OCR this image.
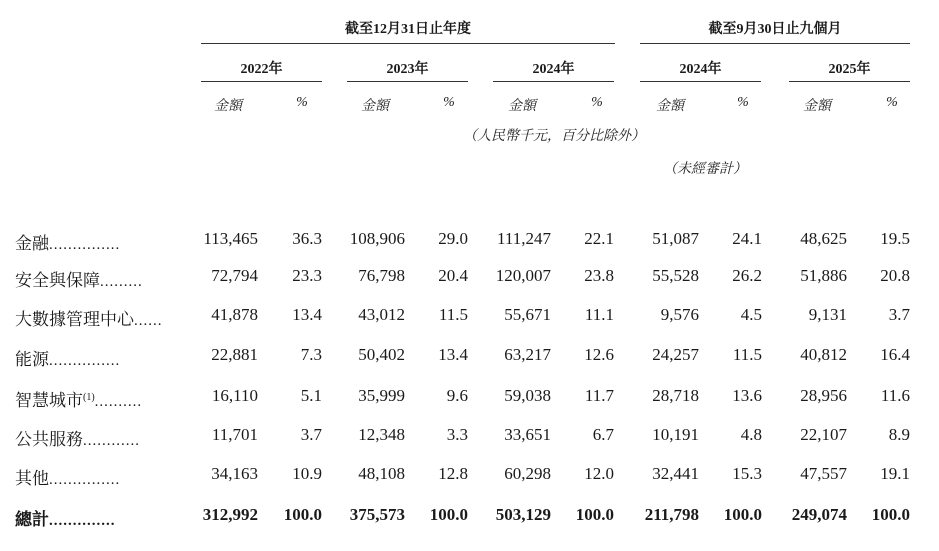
截至12月31日止年度	截至9月30日止九個月
2022年	2023年	2024年	2024年	2025年
金額	%	金額	%	金額	%	金額	%	金額	%
（人民幣千元，百分比除外）
（未經審計）
金融...............	113,465	36.3	108,906	29.0	111,247	22.1	51,087	24.1	48,625	19.5
安全與保障.........	72,794	23.3	76,798	20.4	120,007	23.8	55,528	26.2	51,886	20.8
大數據管理中心......	41,878	13.4	43,012	11.5	55,671	11.1	9,576	4.5	9,131	3.7
能源...............	22,881	7.3	50,402	13.4	63,217	12.6	24,257	11.5	40,812	16.4
智慧城市$^{(1)}$..........	16,110	5.1	35,999	9.6	59,038	11.7	28,718	13.6	28,956	11.6
公共服務............	11,701	3.7	12,348	3.3	33,651	6.7	10,191	4.8	22,107	8.9
其他...............	34,163	10.9	48,108	12.8	60,298	12.0	32,441	15.3	47,557	19.1
總計..............	312,992	100.0	375,573	100.0	503,129	100.0	211,798	100.0	249,074	100.0
